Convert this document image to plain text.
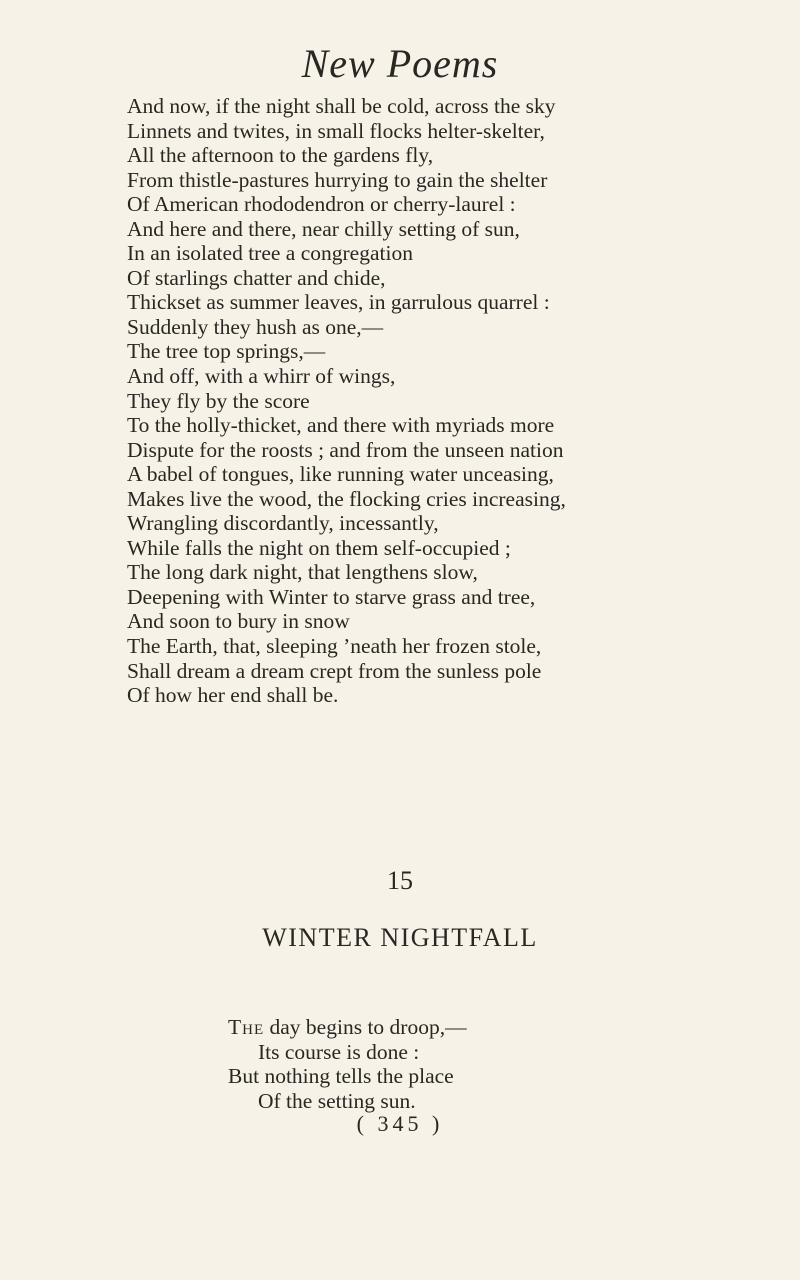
New Poems
And now, if the night shall be cold, across the sky
Linnets and twites, in small flocks helter-skelter,
All the afternoon to the gardens fly,
From thistle-pastures hurrying to gain the shelter
Of American rhododendron or cherry-laurel :
And here and there, near chilly setting of sun,
In an isolated tree a congregation
Of starlings chatter and chide,
Thickset as summer leaves, in garrulous quarrel :
Suddenly they hush as one,—
The tree top springs,—
And off, with a whirr of wings,
They fly by the score
To the holly-thicket, and there with myriads more
Dispute for the roosts ; and from the unseen nation
A babel of tongues, like running water unceasing,
Makes live the wood, the flocking cries increasing,
Wrangling discordantly, incessantly,
While falls the night on them self-occupied ;
The long dark night, that lengthens slow,
Deepening with Winter to starve grass and tree,
And soon to bury in snow
The Earth, that, sleeping ’neath her frozen stole,
Shall dream a dream crept from the sunless pole
Of how her end shall be.
15
WINTER NIGHTFALL
The day begins to droop,—
Its course is done :
But nothing tells the place
Of the setting sun.
( 345 )
